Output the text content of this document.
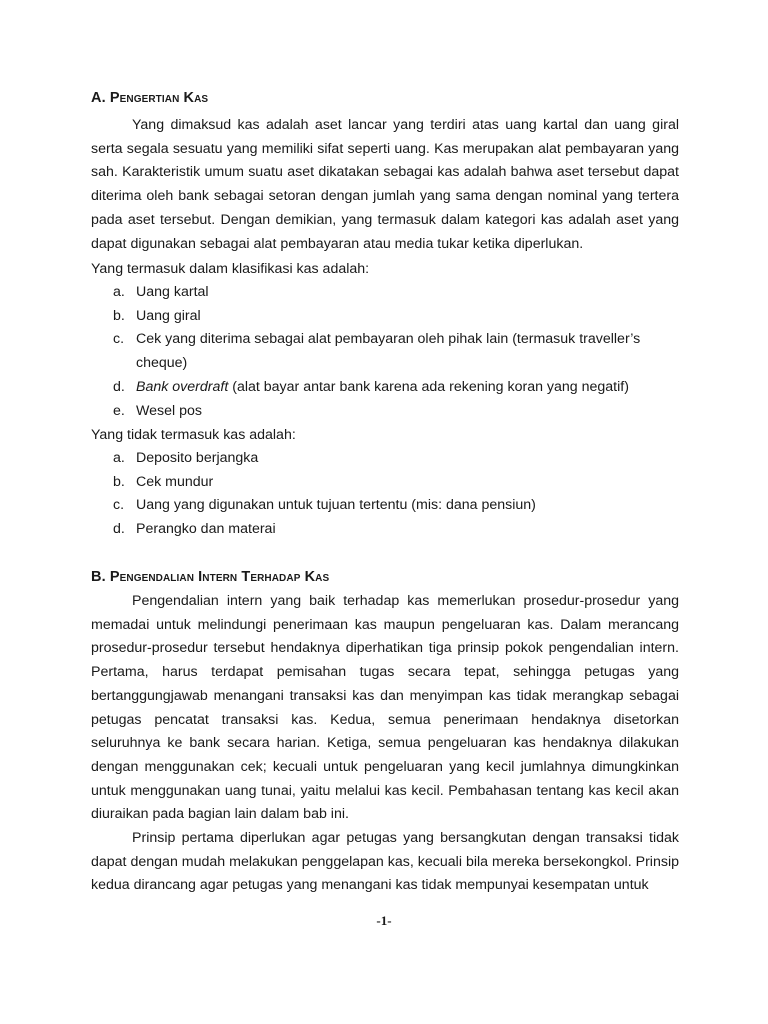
A. Pengertian Kas

Yang dimaksud kas adalah aset lancar yang terdiri atas uang kartal dan uang giral serta segala sesuatu yang memiliki sifat seperti uang. Kas merupakan alat pembayaran yang sah. Karakteristik umum suatu aset dikatakan sebagai kas adalah bahwa aset tersebut dapat diterima oleh bank sebagai setoran dengan jumlah yang sama dengan nominal yang tertera pada aset tersebut. Dengan demikian, yang termasuk dalam kategori kas adalah aset yang dapat digunakan sebagai alat pembayaran atau media tukar ketika diperlukan.

Yang termasuk dalam klasifikasi kas adalah:
a. Uang kartal
b. Uang giral
c. Cek yang diterima sebagai alat pembayaran oleh pihak lain (termasuk traveller’s cheque)
d. Bank overdraft (alat bayar antar bank karena ada rekening koran yang negatif)
e. Wesel pos
Yang tidak termasuk kas adalah:
a. Deposito berjangka
b. Cek mundur
c. Uang yang digunakan untuk tujuan tertentu (mis: dana pensiun)
d. Perangko dan materai
B. Pengendalian Intern Terhadap Kas

Pengendalian intern yang baik terhadap kas memerlukan prosedur-prosedur yang memadai untuk melindungi penerimaan kas maupun pengeluaran kas. Dalam merancang prosedur-prosedur tersebut hendaknya diperhatikan tiga prinsip pokok pengendalian intern. Pertama, harus terdapat pemisahan tugas secara tepat, sehingga petugas yang bertanggungjawab menangani transaksi kas dan menyimpan kas tidak merangkap sebagai petugas pencatat transaksi kas. Kedua, semua penerimaan hendaknya disetorkan seluruhnya ke bank secara harian. Ketiga, semua pengeluaran kas hendaknya dilakukan dengan menggunakan cek; kecuali untuk pengeluaran yang kecil jumlahnya dimungkinkan untuk menggunakan uang tunai, yaitu melalui kas kecil. Pembahasan tentang kas kecil akan diuraikan pada bagian lain dalam bab ini.

Prinsip pertama diperlukan agar petugas yang bersangkutan dengan transaksi tidak dapat dengan mudah melakukan penggelapan kas, kecuali bila mereka bersekongkol. Prinsip kedua dirancang agar petugas yang menangani kas tidak mempunyai kesempatan untuk

-1-
